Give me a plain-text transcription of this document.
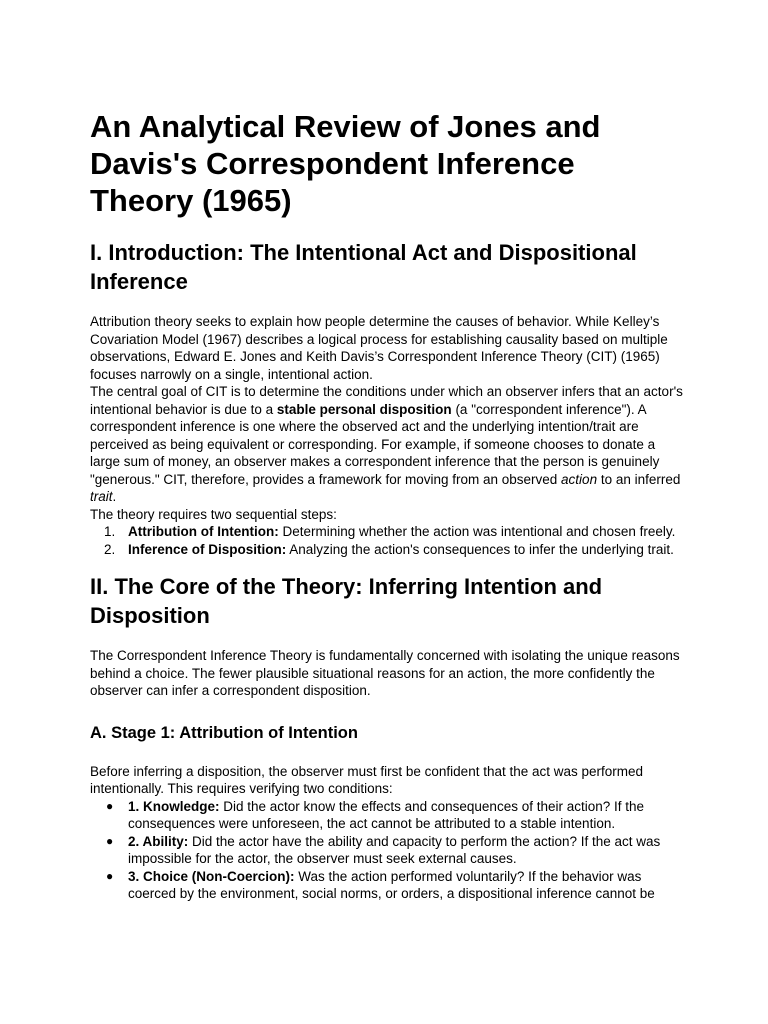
An Analytical Review of Jones and Davis's Correspondent Inference Theory (1965)
I. Introduction: The Intentional Act and Dispositional Inference

Attribution theory seeks to explain how people determine the causes of behavior. While Kelley’s Covariation Model (1967) describes a logical process for establishing causality based on multiple observations, Edward E. Jones and Keith Davis’s Correspondent Inference Theory (CIT) (1965) focuses narrowly on a single, intentional action.

The central goal of CIT is to determine the conditions under which an observer infers that an actor's intentional behavior is due to a stable personal disposition (a "correspondent inference"). A correspondent inference is one where the observed act and the underlying intention/trait are perceived as being equivalent or corresponding. For example, if someone chooses to donate a large sum of money, an observer makes a correspondent inference that the person is genuinely "generous." CIT, therefore, provides a framework for moving from an observed action to an inferred trait.

The theory requires two sequential steps:

1. Attribution of Intention: Determining whether the action was intentional and chosen freely.
2. Inference of Disposition: Analyzing the action's consequences to infer the underlying trait.
II. The Core of the Theory: Inferring Intention and Disposition

The Correspondent Inference Theory is fundamentally concerned with isolating the unique reasons behind a choice. The fewer plausible situational reasons for an action, the more confidently the observer can infer a correspondent disposition.

A. Stage 1: Attribution of Intention

Before inferring a disposition, the observer must first be confident that the act was performed intentionally. This requires verifying two conditions:

● 1. Knowledge: Did the actor know the effects and consequences of their action? If the consequences were unforeseen, the act cannot be attributed to a stable intention.
● 2. Ability: Did the actor have the ability and capacity to perform the action? If the act was impossible for the actor, the observer must seek external causes.
● 3. Choice (Non-Coercion): Was the action performed voluntarily? If the behavior was coerced by the environment, social norms, or orders, a dispositional inference cannot be
